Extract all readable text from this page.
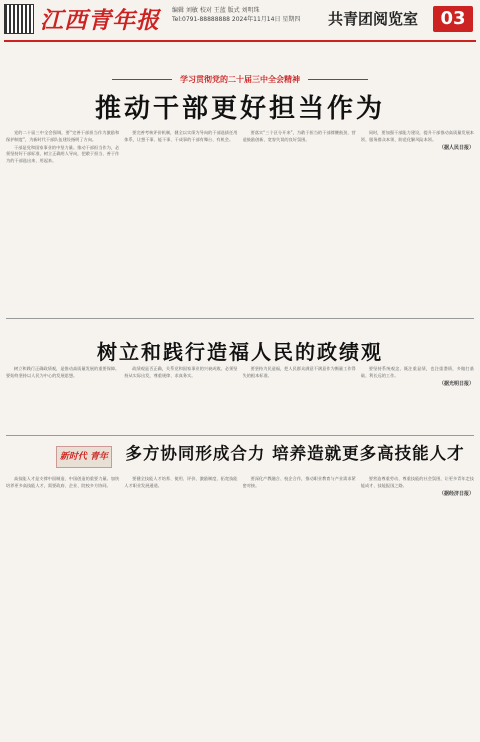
江西青年报 编辑 刘敏 校对 王蓝 版式 刘明珠
Tel:0791-88888888 2024年11月14日 星期四	共青团阅览室	03
学习贯彻党的二十届三中全会精神
推动干部更好担当作为

党的二十届三中全会强调，要“完善干部担当作为激励和保护制度”，为新时代干部队伍建设指明了方向。

干部是党和国家事业的中坚力量。推动干部担当作为，必须坚持好干部标准，树立正确用人导向，把敢于担当、善于作为的干部选出来、用起来。

要完善考核评价机制，健全以实绩为导向的干部选拔任用体系，让想干事、能干事、干成事的干部有舞台、有机会。

要落实“三个区分开来”，为敢于担当的干部撑腰鼓劲，营造鼓励创新、宽容失误的良好氛围。

同时，要加强干部能力建设，提升干部推动高质量发展本领、服务群众本领、防范化解风险本领。

（据人民日报）
树立和践行造福人民的政绩观

树立和践行正确政绩观，是推动高质量发展的重要保障。要始终坚持以人民为中心的发展思想。

政绩观是否正确，关系党和国家事业的兴衰成败。必须坚持从实际出发，尊重规律、求真务实。

要坚持为民造福，把人民群众满意不满意作为衡量工作得失的根本标准。

要坚持系统观念，既注重显绩，也注重潜绩，多做打基础、利长远的工作。

（据光明日报）
新时代 青年	多方协同形成合力 培养造就更多高技能人才

高技能人才是支撑中国制造、中国创造的重要力量。加快培养更多高技能人才，需要政府、企业、院校多方协同。

要健全技能人才培养、使用、评价、激励制度，拓宽技能人才职业发展通道。

要深化产教融合、校企合作，推动职业教育与产业需求紧密对接。

要营造尊重劳动、尊重技能的社会氛围，让更多青年走技能成才、技能报国之路。

（据经济日报）
